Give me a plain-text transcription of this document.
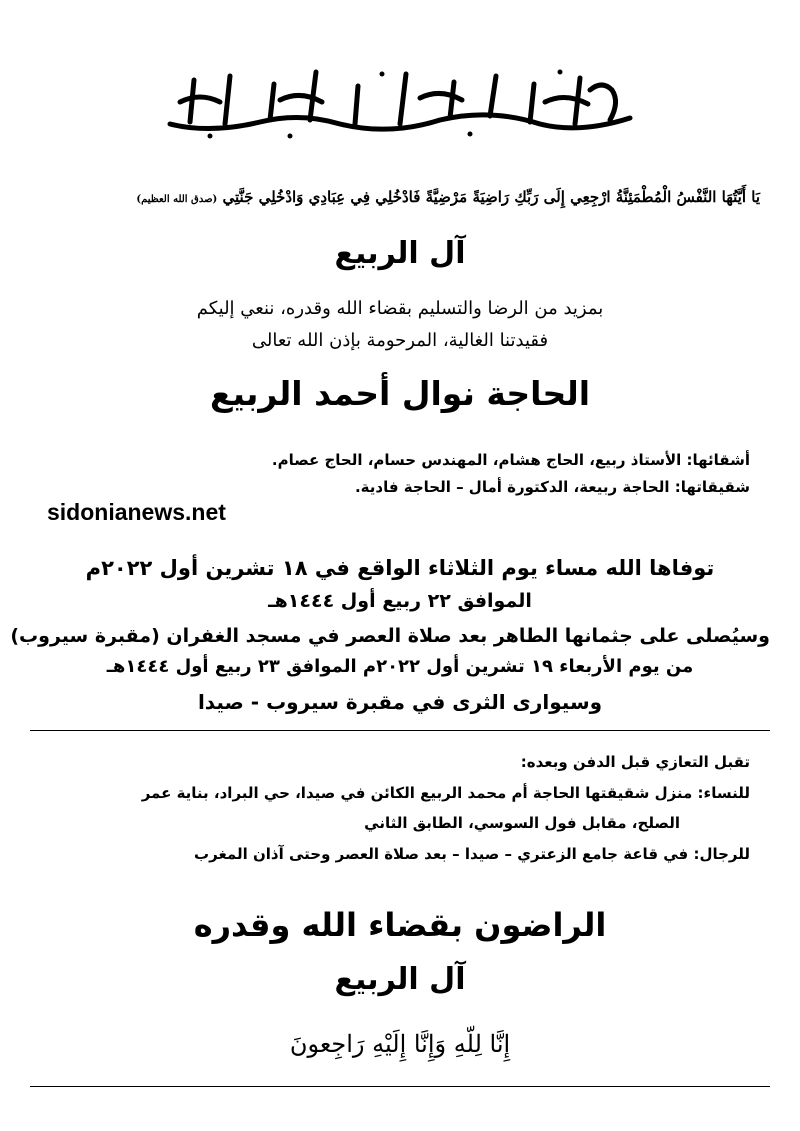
يَا أَيَّتُهَا النَّفْسُ الْمُطْمَئِنَّةُ ارْجِعِي إِلَى رَبِّكِ رَاضِيَةً مَرْضِيَّةً فَادْخُلِي فِي عِبَادِي وَادْخُلِي جَنَّتِي (صدق الله العظيم)
آل الربيع
بمزيد من الرضا والتسليم بقضاء الله وقدره، ننعي إليكم
فقيدتنا الغالية، المرحومة بإذن الله تعالى
الحاجة نوال أحمد الربيع
أشقائها: الأستاذ ربيع، الحاج هشام، المهندس حسام، الحاج عصام.
شقيقاتها: الحاجة ربيعة، الدكتورة أمال – الحاجة فادية.
sidonianews.net
توفاها الله مساء يوم الثلاثاء الواقع في ١٨ تشرين أول ٢٠٢٢م
الموافق ٢٢ ربيع أول ١٤٤٤هـ
وسيُصلى على جثمانها الطاهر بعد صلاة العصر في مسجد الغفران (مقبرة سيروب)
من يوم الأربعاء ١٩ تشرين أول ٢٠٢٢م الموافق ٢٣ ربيع أول ١٤٤٤هـ
وسيوارى الثرى في مقبرة سيروب - صيدا
تقبل التعازي قبل الدفن وبعده:
للنساء: منزل شقيقتها الحاجة أم محمد الربيع الكائن في صيدا، حي البراد، بناية عمر
الصلح، مقابل فول السوسي، الطابق الثاني
للرجال: في قاعة جامع الزعتري – صيدا – بعد صلاة العصر وحتى آذان المغرب
الراضون بقضاء الله وقدره
آل الربيع
إِنَّا لِلّهِ وَإِنَّا إِلَيْهِ رَاجِعونَ
